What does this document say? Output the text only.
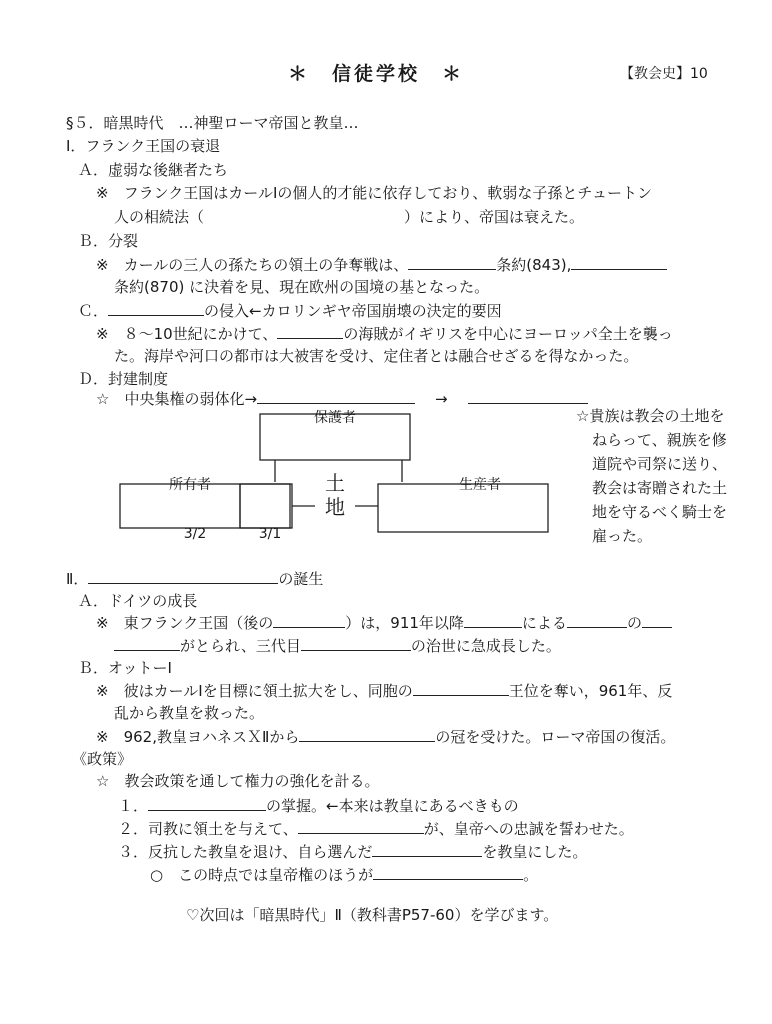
＊　信徒学校　＊	【教会史】10
§５．暗黒時代　…神聖ローマ帝国と教皇…
Ⅰ．フランク王国の衰退
Ａ．虚弱な後継者たち
※　フランク王国はカールⅠの個人的才能に依存しており、軟弱な子孫とチュートン
人の相続法（	）により、帝国は衰えた。
Ｂ．分裂
※　カールの三人の孫たちの領土の争奪戦は、	条約(843),
条約(870) に決着を見、現在欧州の国境の基となった。
Ｃ．	の侵入←カロリンギヤ帝国崩壊の決定的要因
※　８～10世紀にかけて、	の海賊がイギリスを中心にヨーロッパ全土を襲っ
た。海岸や河口の都市は大被害を受け、定住者とは融合せざるを得なかった。
Ｄ．封建制度
☆　中央集権の弱体化→	→
保護者
所有者
3/2	3/1
土
地
生産者
☆貴族は教会の土地を
ねらって、親族を修
道院や司祭に送り、
教会は寄贈された土
地を守るべく騎士を
雇った。
Ⅱ．	の誕生
Ａ．ドイツの成長
※　東フランク王国（後の	）は，911年以降	による	の
がとられ、三代目	の治世に急成長した。
Ｂ．オットーⅠ
※　彼はカールⅠを目標に領土拡大をし、同胞の	王位を奪い，961年、反
乱から教皇を救った。
※　962,教皇ヨハネスＸⅡから	の冠を受けた。ローマ帝国の復活。
《政策》
☆　教会政策を通して権力の強化を計る。
１．	の掌握。←本来は教皇にあるべきもの
２．司教に領土を与えて、	が、皇帝への忠誠を誓わせた。
３．反抗した教皇を退け、自ら選んだ	を教皇にした。
○　この時点では皇帝権のほうが	。
♡次回は「暗黒時代」Ⅱ（教科書P57-60）を学びます。
